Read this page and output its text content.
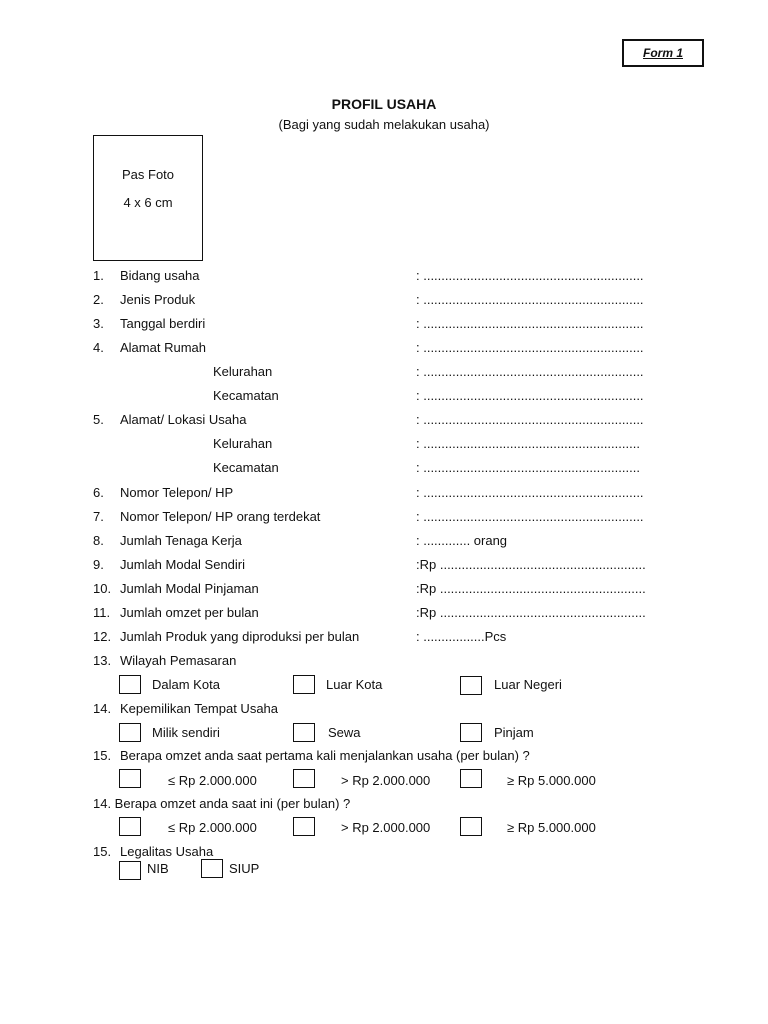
Form 1
PROFIL USAHA
(Bagi yang sudah melakukan usaha)
Pas Foto
4 x 6 cm
1. Bidang usaha	: .............................................................
2. Jenis Produk	: .............................................................
3. Tanggal berdiri	: .............................................................
4. Alamat Rumah	: .............................................................
Kelurahan	: .............................................................
Kecamatan	: .............................................................
5. Alamat/ Lokasi Usaha	: .............................................................
Kelurahan	: ............................................................
Kecamatan	: ............................................................
6. Nomor Telepon/ HP	: .............................................................
7. Nomor Telepon/ HP orang terdekat	: .............................................................
8. Jumlah Tenaga Kerja	: ............. orang
9. Jumlah Modal Sendiri	:Rp .........................................................
10. Jumlah Modal Pinjaman	:Rp .........................................................
11. Jumlah omzet per bulan	:Rp .........................................................
12. Jumlah Produk yang diproduksi per bulan	: .................Pcs
13. Wilayah Pemasaran
Dalam Kota	Luar Kota	Luar Negeri
14. Kepemilikan Tempat Usaha
Milik sendiri	Sewa	Pinjam
15. Berapa omzet anda saat pertama kali menjalankan usaha (per bulan) ?
≤ Rp 2.000.000	> Rp 2.000.000	≥ Rp 5.000.000
14. Berapa omzet anda saat ini (per bulan) ?
≤ Rp 2.000.000	> Rp 2.000.000	≥ Rp 5.000.000
15. Legalitas Usaha
NIB	SIUP
